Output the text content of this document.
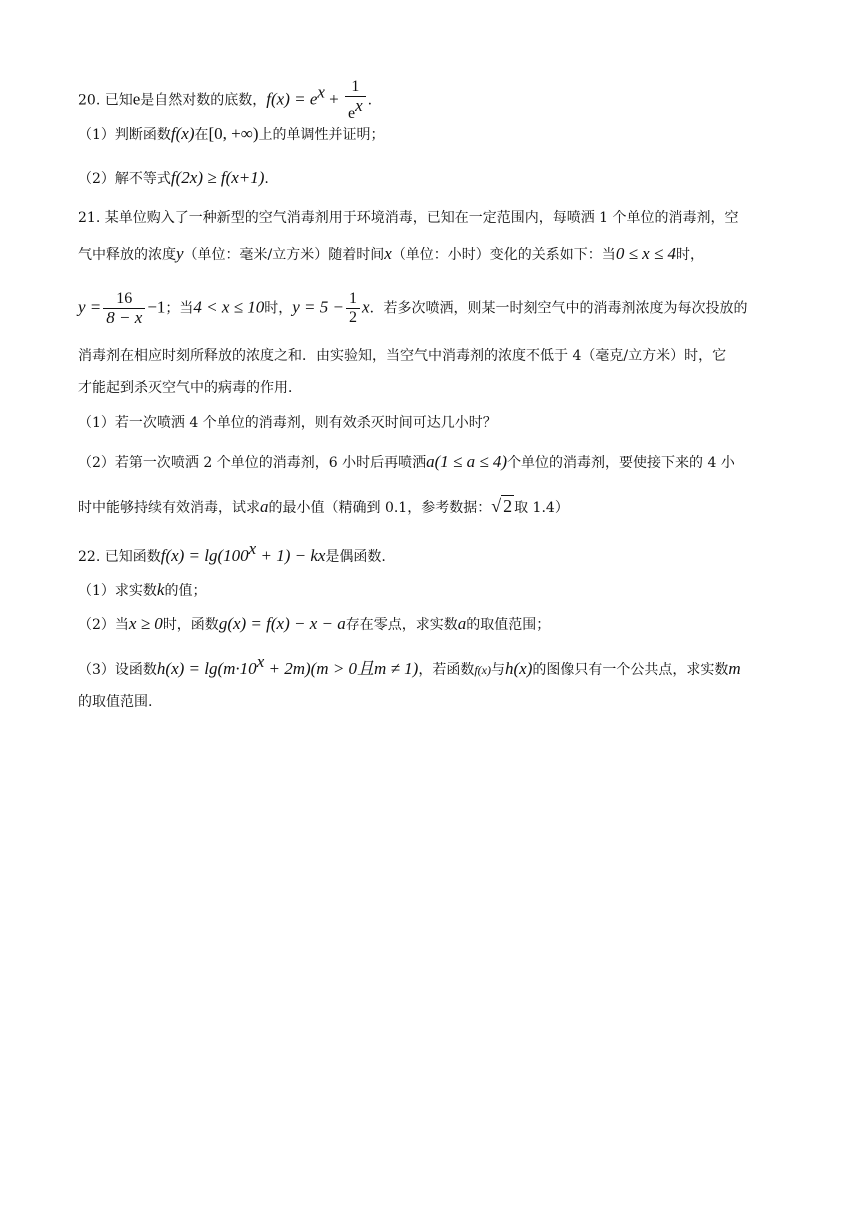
20. 已知e是自然对数的底数，$f(x) = e^x + \frac{1}{e^x}$ .
（1）判断函数f(x)在[0, +∞)上的单调性并证明；
（2）解不等式f(2x) ≥ f(x+1).
21. 某单位购入了一种新型的空气消毒剂用于环境消毒，已知在一定范围内，每喷洒 1 个单位的消毒剂，空
气中释放的浓度y（单位：毫米/立方米）随着时间x（单位：小时）变化的关系如下：当0 ≤ x ≤ 4时，
$y = \frac{16}{8 - x} -1$；当4 < x ≤ 10时，$y = 5 - \frac{1}{2}$ x．若多次喷洒，则某一时刻空气中的消毒剂浓度为每次投放的
消毒剂在相应时刻所释放的浓度之和．由实验知，当空气中消毒剂的浓度不低于 4（毫克/立方米）时，它
才能起到杀灭空气中的病毒的作用．
（1）若一次喷洒 4 个单位的消毒剂，则有效杀灭时间可达几小时？
（2）若第一次喷洒 2 个单位的消毒剂，6 小时后再喷洒a(1 ≤ a ≤ 4)个单位的消毒剂，要使接下来的 4 小
时中能够持续有效消毒，试求a的最小值（精确到 0.1，参考数据：√ 2 取 1.4）
22. 已知函数$f(x) = \lg(100^x + 1)$ − kx是偶函数.
（1）求实数k的值；
（2）当x ≥ 0时，函数g(x) = f(x) − x − a存在零点，求实数a的取值范围；
（3）设函数$h(x) = \lg(m\cdot 10^x + 2m)(m > 0$且m ≠ 1)，若函数f(x)与h(x)的图像只有一个公共点，求实数m
的取值范围.
